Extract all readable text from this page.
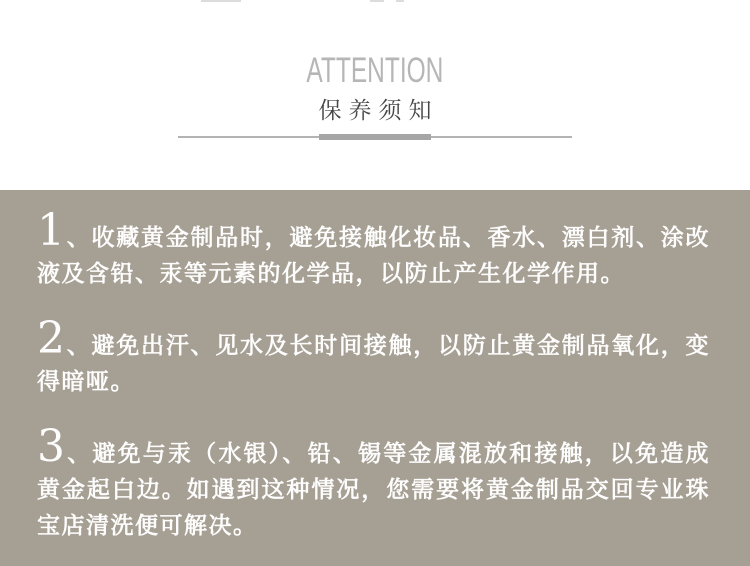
ATTENTION
保养须知

1、收藏黄金制品时，避免接触化妆品、香水、漂白剂、涂改液及含铅、汞等元素的化学品，以防止产生化学作用。

2、避免出汗、见水及长时间接触，以防止黄金制品氧化，变得暗哑。

3、避免与汞（水银）、铅、锡等金属混放和接触，以免造成黄金起白边。如遇到这种情况，您需要将黄金制品交回专业珠宝店清洗便可解决。
